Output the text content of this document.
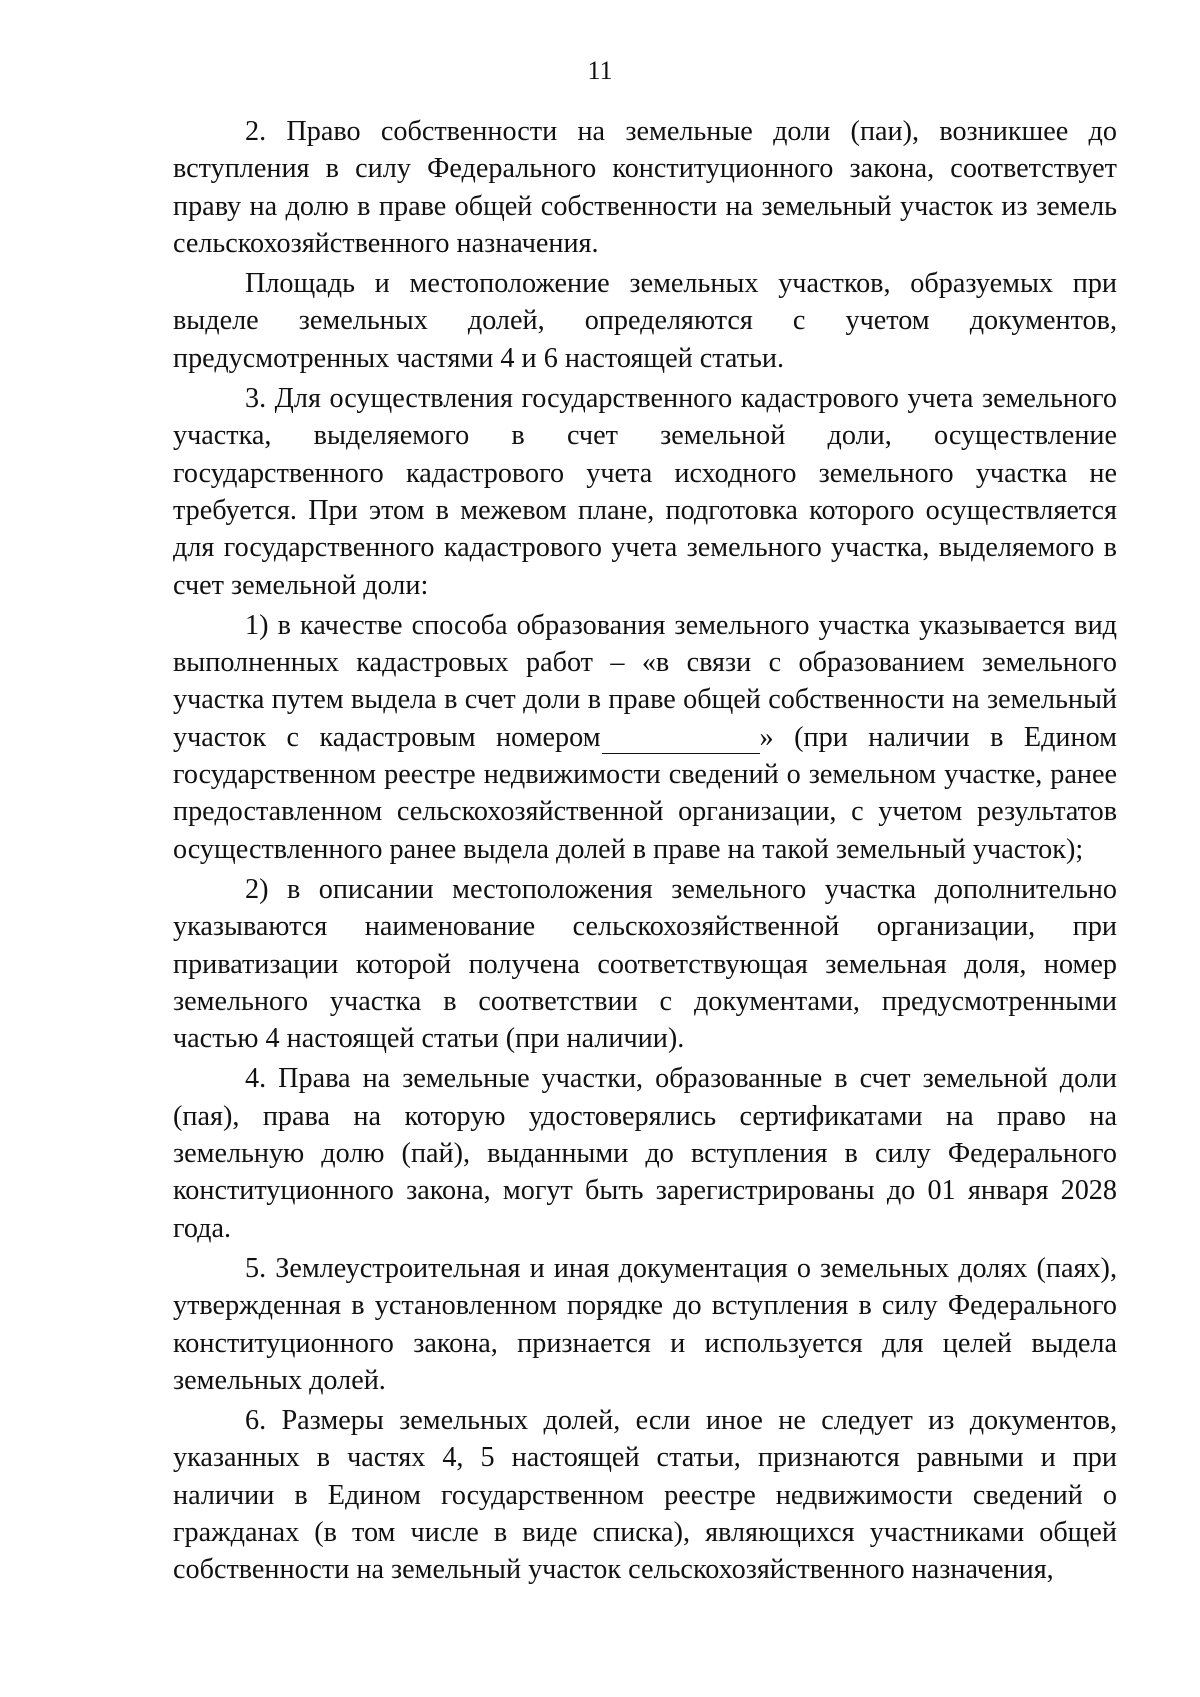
11

2. Право собственности на земельные доли (паи), возникшее до вступления в силу Федерального конституционного закона, соответствует праву на долю в праве общей собственности на земельный участок из земель сельскохозяйственного назначения.

Площадь и местоположение земельных участков, образуемых при выделе земельных долей, определяются с учетом документов, предусмотренных частями 4 и 6 настоящей статьи.

3. Для осуществления государственного кадастрового учета земельного участка, выделяемого в счет земельной доли, осуществление государственного кадастрового учета исходного земельного участка не требуется. При этом в межевом плане, подготовка которого осуществляется для государственного кадастрового учета земельного участка, выделяемого в счет земельной доли:

1) в качестве способа образования земельного участка указывается вид выполненных кадастровых работ – «в связи с образованием земельного участка путем выдела в счет доли в праве общей собственности на земельный участок с кадастровым номером	» (при наличии в Едином государственном реестре недвижимости сведений о земельном участке, ранее предоставленном сельскохозяйственной организации, с учетом результатов осуществленного ранее выдела долей в праве на такой земельный участок);

2) в описании местоположения земельного участка дополнительно указываются наименование сельскохозяйственной организации, при приватизации которой получена соответствующая земельная доля, номер земельного участка в соответствии с документами, предусмотренными частью 4 настоящей статьи (при наличии).

4. Права на земельные участки, образованные в счет земельной доли (пая), права на которую удостоверялись сертификатами на право на земельную долю (пай), выданными до вступления в силу Федерального конституционного закона, могут быть зарегистрированы до 01 января 2028 года.

5. Землеустроительная и иная документация о земельных долях (паях), утвержденная в установленном порядке до вступления в силу Федерального конституционного закона, признается и используется для целей выдела земельных долей.

6. Размеры земельных долей, если иное не следует из документов, указанных в частях 4, 5 настоящей статьи, признаются равными и при наличии в Едином государственном реестре недвижимости сведений о гражданах (в том числе в виде списка), являющихся участниками общей собственности на земельный участок сельскохозяйственного назначения,
